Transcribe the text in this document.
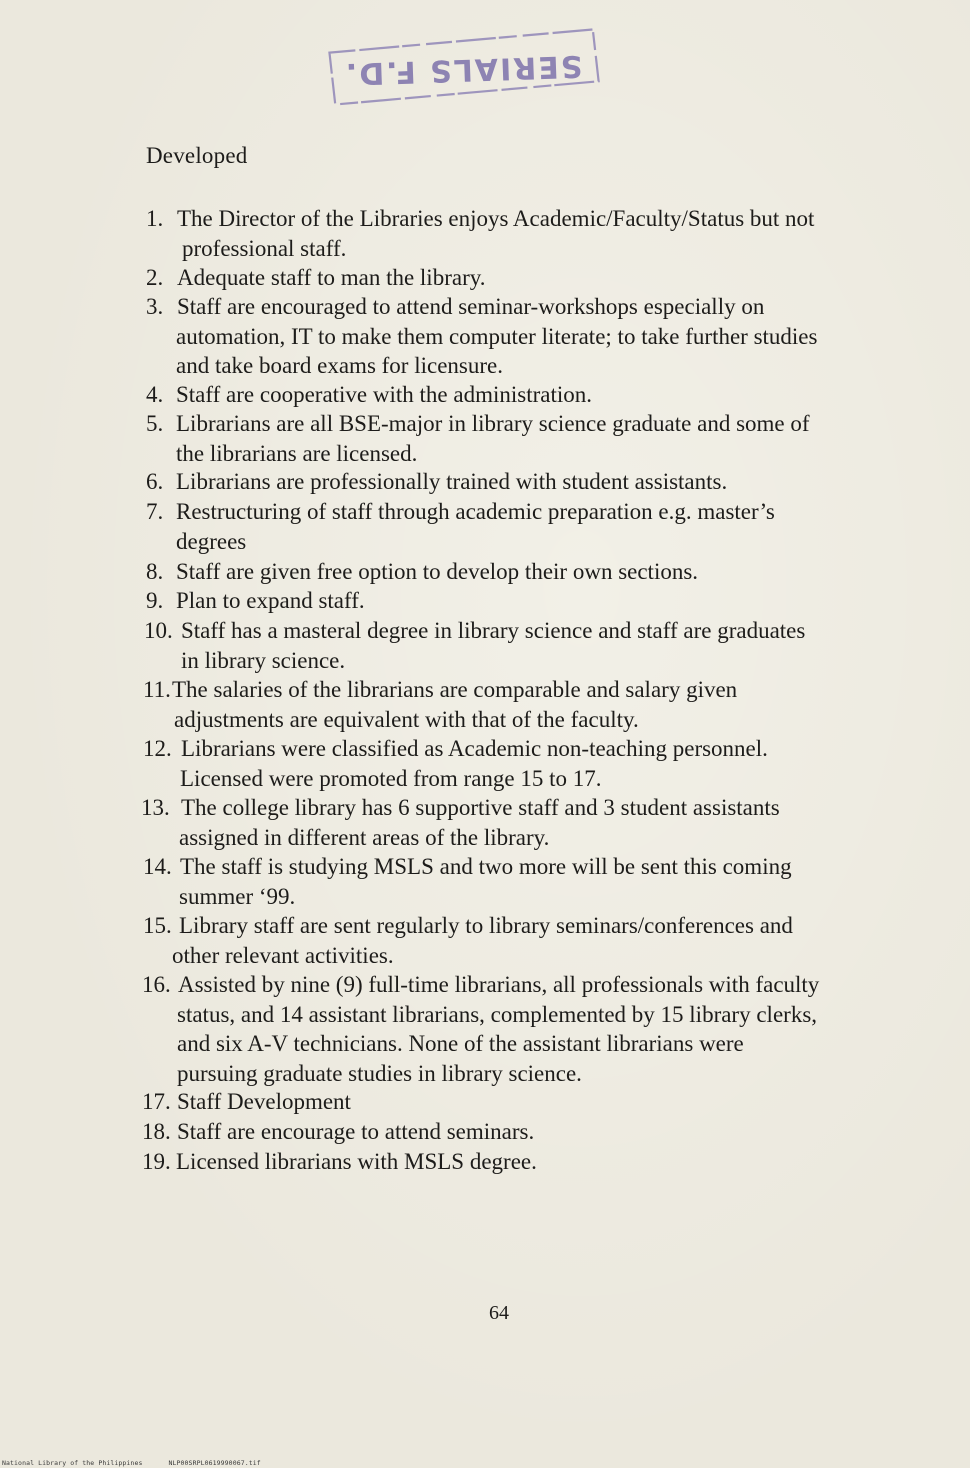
SERIALS F.D.
Developed
1. The Director of the Libraries enjoys Academic/Faculty/Status but not
professional staff.
2. Adequate staff to man the library.
3. Staff are encouraged to attend seminar-workshops especially on
automation, IT to make them computer literate; to take further studies
and take board exams for licensure.
4. Staff are cooperative with the administration.
5. Librarians are all BSE-major in library science graduate and some of
the librarians are licensed.
6. Librarians are professionally trained with student assistants.
7. Restructuring of staff through academic preparation e.g. master’s
degrees
8. Staff are given free option to develop their own sections.
9. Plan to expand staff.
10. Staff has a masteral degree in library science and staff are graduates
in library science.
11. The salaries of the librarians are comparable and salary given
adjustments are equivalent with that of the faculty.
12. Librarians were classified as Academic non-teaching personnel.
Licensed were promoted from range 15 to 17.
13. The college library has 6 supportive staff and 3 student assistants
assigned in different areas of the library.
14. The staff is studying MSLS and two more will be sent this coming
summer ‘99.
15. Library staff are sent regularly to library seminars/conferences and
other relevant activities.
16. Assisted by nine (9) full-time librarians, all professionals with faculty
status, and 14 assistant librarians, complemented by 15 library clerks,
and six A-V technicians. None of the assistant librarians were
pursuing graduate studies in library science.
17. Staff Development
18. Staff are encourage to attend seminars.
19. Licensed librarians with MSLS degree.
64
National Library of the Philippines	NLP00SRPL0619990067.tif
